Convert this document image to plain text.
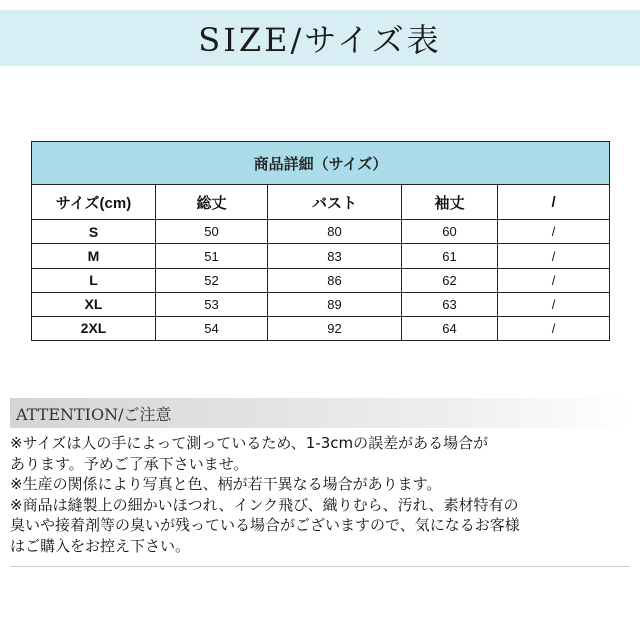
SIZE/サイズ表
商品詳細（サイズ）				
サイズ(cm)	総丈	バスト	袖丈	/
S	50	80	60	/
M	51	83	61	/
L	52	86	62	/
XL	53	89	63	/
2XL	54	92	64	/
ATTENTION/ご注意
※サイズは人の手によって測っているため、1-3cmの誤差がある場合が
あります。予めご了承下さいませ。
※生産の関係により写真と色、柄が若干異なる場合があります。
※商品は縫製上の細かいほつれ、インク飛び、織りむら、汚れ、素材特有の
臭いや接着剤等の臭いが残っている場合がございますので、気になるお客様
はご購入をお控え下さい。
